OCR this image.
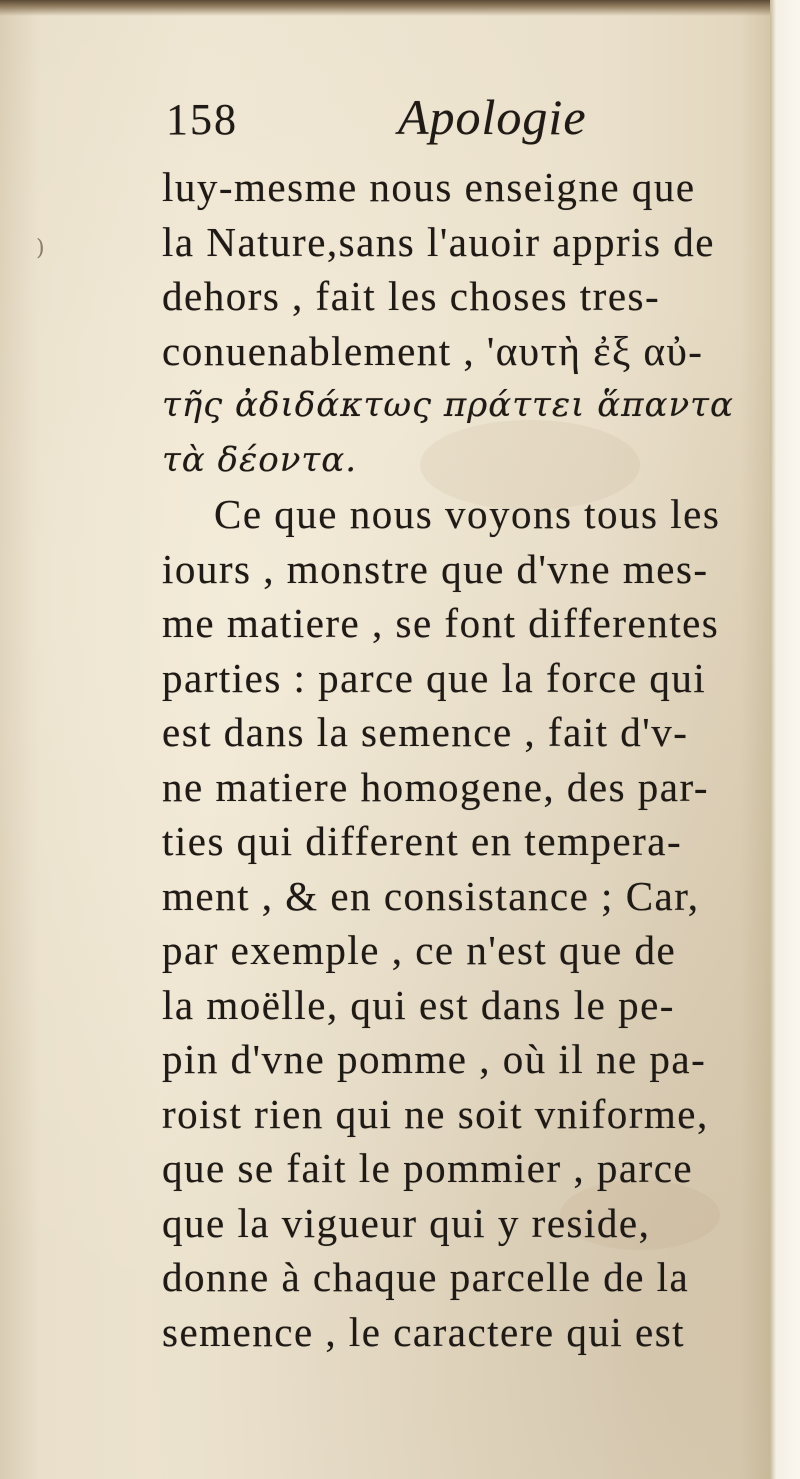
)
158	Apologie
luy-mesme nous enseigne que
la Nature,sans l'auoir appris de
dehors , fait les choses tres-
conuenablement , 'αυτὴ ἐξ αὐ-
τῆς ἀδιδάκτως πράττει ἅπαντα
τὰ δέοντα.
Ce que nous voyons tous les
iours , monstre que d'vne mes-
me matiere , se font differentes
parties : parce que la force qui
est dans la semence , fait d'v-
ne matiere homogene, des par-
ties qui different en tempera-
ment , & en consistance ; Car,
par exemple , ce n'est que de
la moëlle, qui est dans le pe-
pin d'vne pomme , où il ne pa-
roist rien qui ne soit vniforme,
que se fait le pommier , parce
que la vigueur qui y reside,
donne à chaque parcelle de la
semence , le caractere qui est
